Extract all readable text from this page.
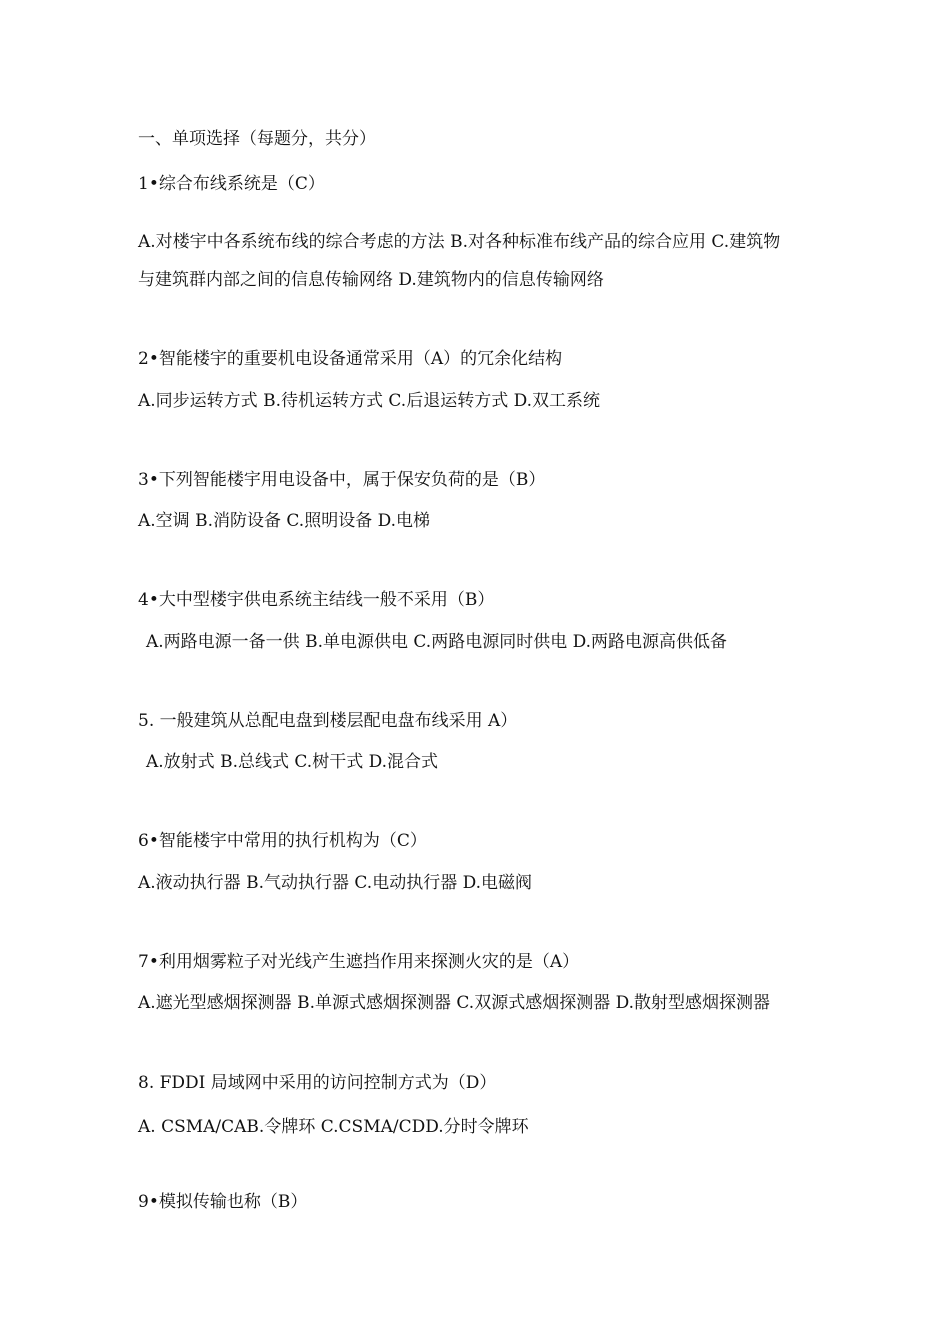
一、单项选择（每题分，共分）
1•综合布线系统是（C）
A.对楼宇中各系统布线的综合考虑的方法 B.对各种标准布线产品的综合应用 C.建筑物
与建筑群内部之间的信息传输网络 D.建筑物内的信息传输网络
2•智能楼宇的重要机电设备通常采用（A）的冗余化结构
A.同步运转方式 B.待机运转方式 C.后退运转方式 D.双工系统
3•下列智能楼宇用电设备中，属于保安负荷的是（B）
A.空调 B.消防设备 C.照明设备 D.电梯
4•大中型楼宇供电系统主结线一般不采用（B）
A.两路电源一备一供 B.单电源供电 C.两路电源同时供电 D.两路电源高供低备
5. 一般建筑从总配电盘到楼层配电盘布线采用 A）
A.放射式 B.总线式 C.树干式 D.混合式
6•智能楼宇中常用的执行机构为（C）
A.液动执行器 B.气动执行器 C.电动执行器 D.电磁阀
7•利用烟雾粒子对光线产生遮挡作用来探测火灾的是（A）
A.遮光型感烟探测器 B.单源式感烟探测器 C.双源式感烟探测器 D.散射型感烟探测器
8. FDDI 局域网中采用的访问控制方式为（D）
A. CSMA/CAB.令牌环 C.CSMA/CDD.分时令牌环
9•模拟传输也称（B）
